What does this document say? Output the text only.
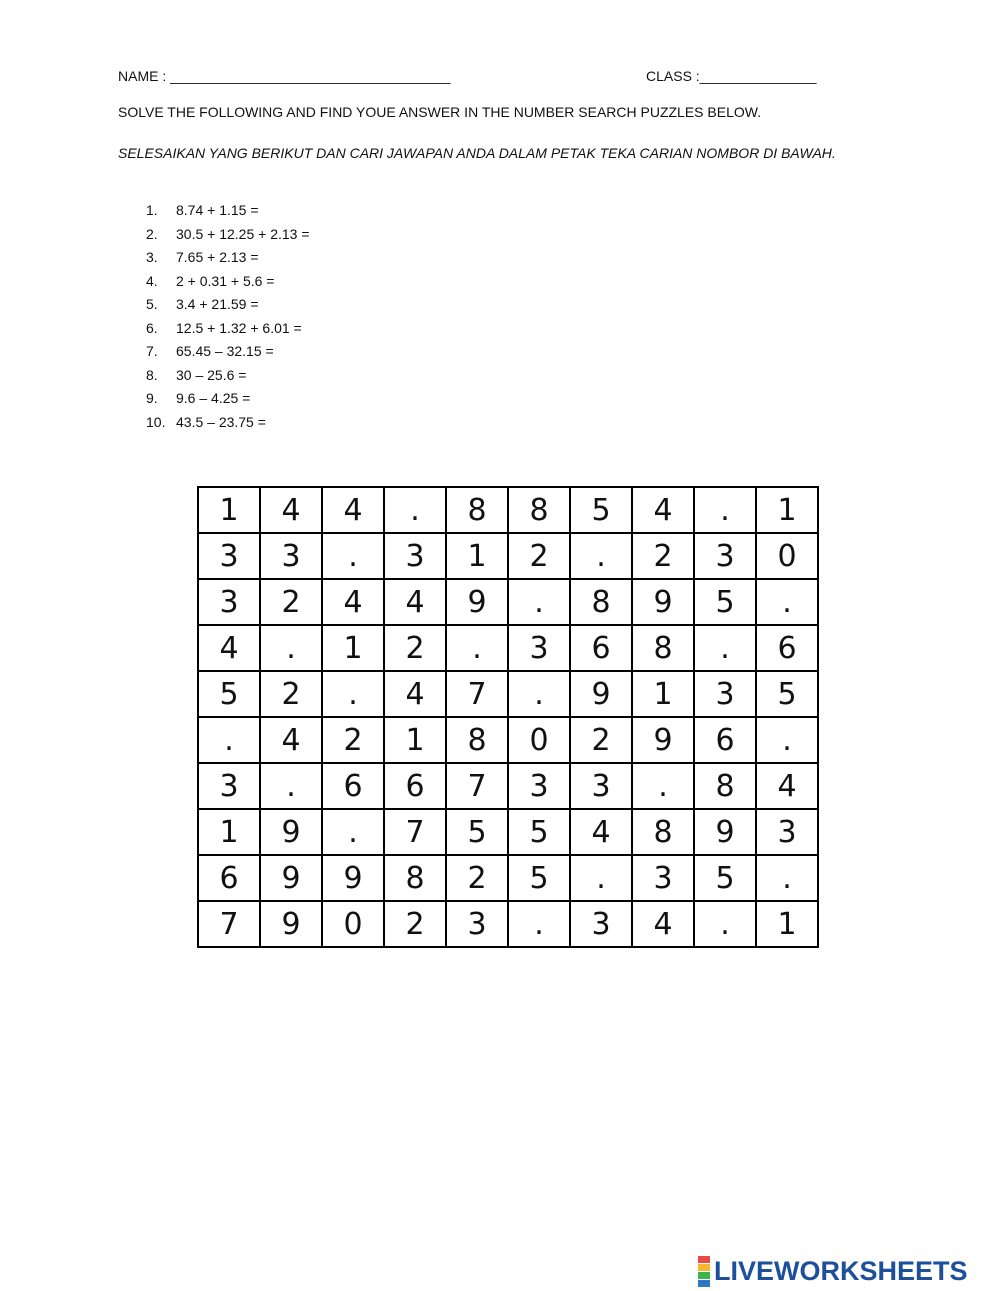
NAME : ____________________________________	CLASS :_______________
SOLVE THE FOLLOWING AND FIND YOUE ANSWER IN THE NUMBER SEARCH PUZZLES BELOW.
SELESAIKAN YANG BERIKUT DAN CARI JAWAPAN ANDA DALAM PETAK TEKA CARIAN NOMBOR DI BAWAH.
1.	8.74 + 1.15 =
2.	30.5 + 12.25 + 2.13 =
3.	7.65 + 2.13 =
4.	2 + 0.31 + 5.6 =
5.	3.4 + 21.59 =
6.	12.5 + 1.32 + 6.01 =
7.	65.45 – 32.15 =
8.	30 – 25.6 =
9.	9.6 – 4.25 =
10. 43.5 – 23.75 =
1	4	4	.	8	8	5	4	.	1
3	3	.	3	1	2	.	2	3	0
3	2	4	4	9	.	8	9	5	.
4	.	1	2	.	3	6	8	.	6
5	2	.	4	7	.	9	1	3	5
.	4	2	1	8	0	2	9	6	.
3	.	6	6	7	3	3	.	8	4
1	9	.	7	5	5	4	8	9	3
6	9	9	8	2	5	.	3	5	.
7	9	0	2	3	.	3	4	.	1
LIVEWORKSHEETS
